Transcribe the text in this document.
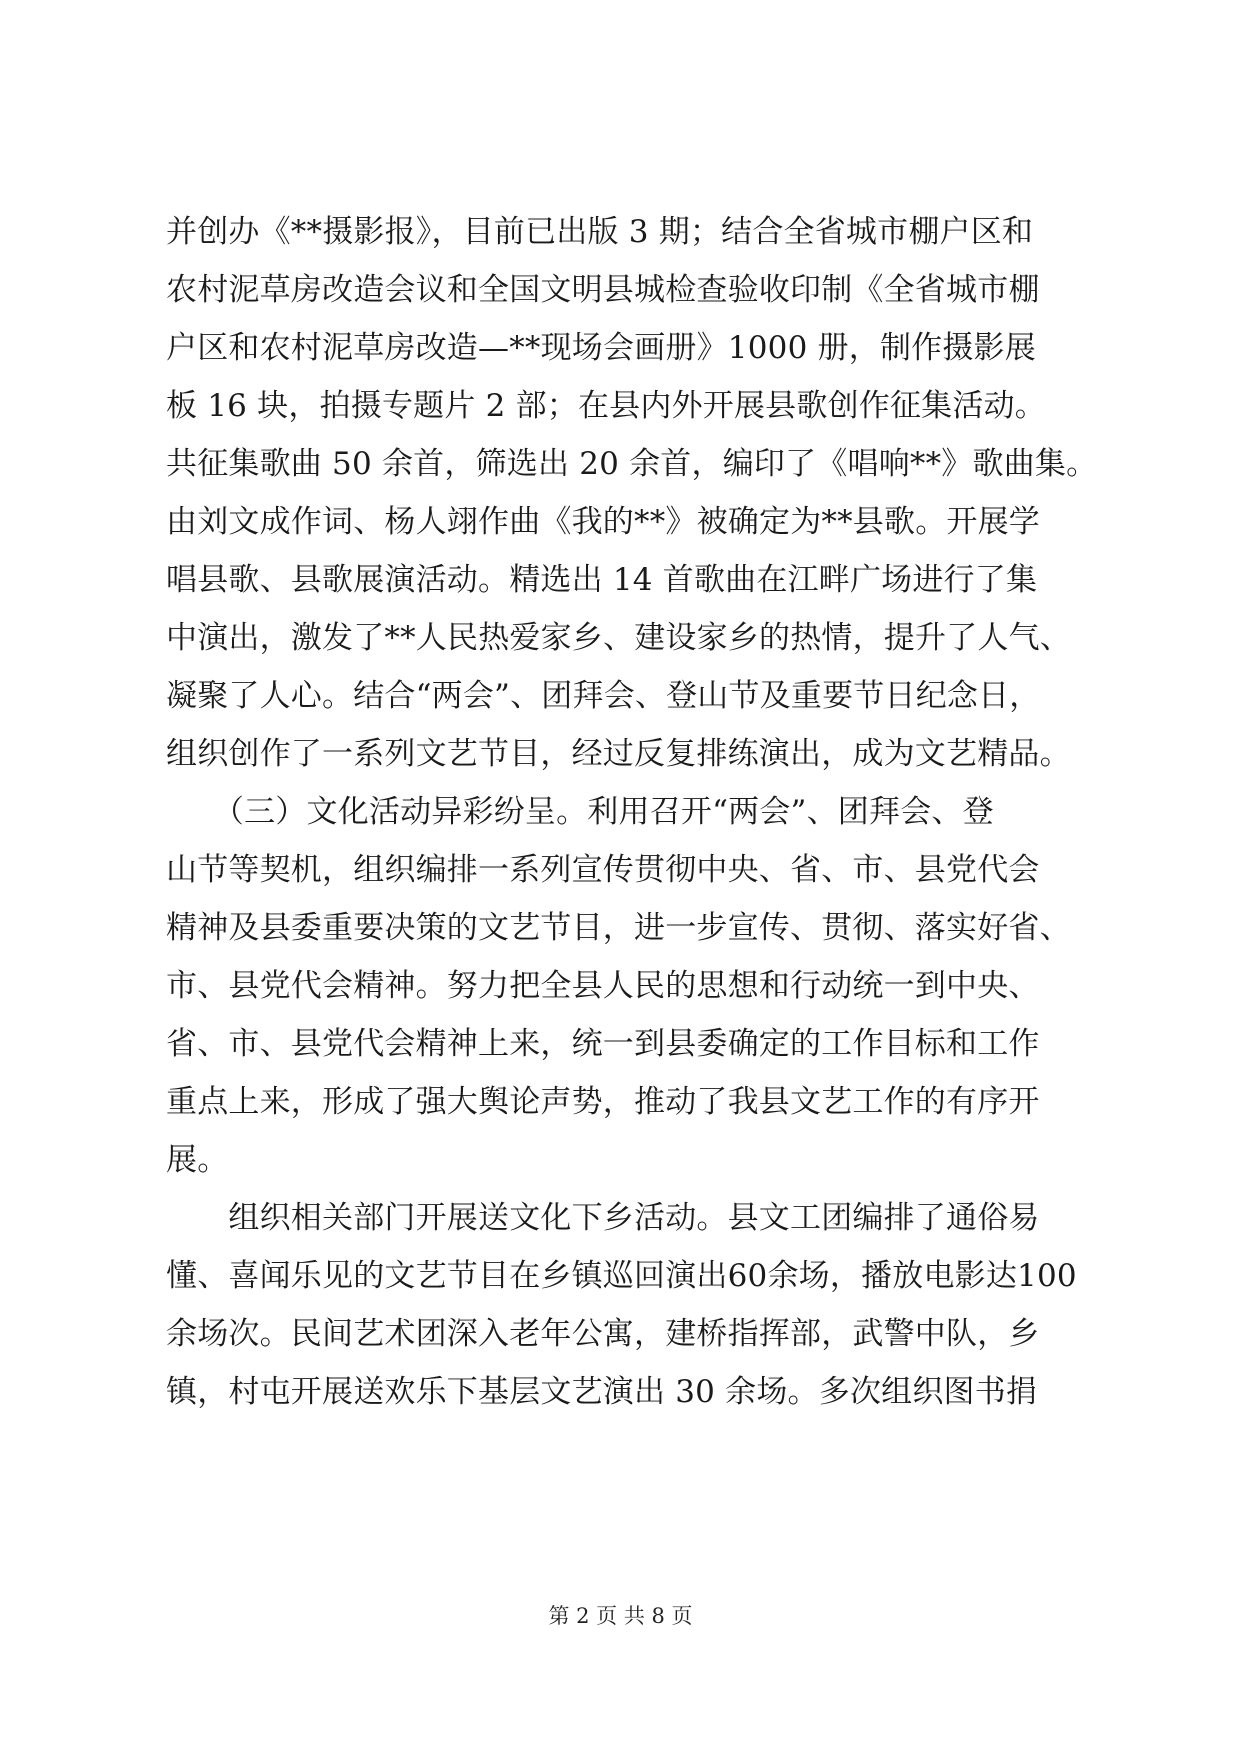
并创办《**摄影报》，目前已出版 3 期；结合全省城市棚户区和
农村泥草房改造会议和全国文明县城检查验收印制《全省城市棚
户区和农村泥草房改造—**现场会画册》1000 册，制作摄影展
板 16 块，拍摄专题片 2 部；在县内外开展县歌创作征集活动。
共征集歌曲 50 余首，筛选出 20 余首，编印了《唱响**》歌曲集。
由刘文成作词、杨人翊作曲《我的**》被确定为**县歌。开展学
唱县歌、县歌展演活动。精选出 14 首歌曲在江畔广场进行了集
中演出，激发了**人民热爱家乡、建设家乡的热情，提升了人气、
凝聚了人心。结合“两会”、团拜会、登山节及重要节日纪念日，
组织创作了一系列文艺节目，经过反复排练演出，成为文艺精品。
　　（三）文化活动异彩纷呈。利用召开“两会”、团拜会、登
山节等契机，组织编排一系列宣传贯彻中央、省、市、县党代会
精神及县委重要决策的文艺节目，进一步宣传、贯彻、落实好省、
市、县党代会精神。努力把全县人民的思想和行动统一到中央、
省、市、县党代会精神上来，统一到县委确定的工作目标和工作
重点上来，形成了强大舆论声势，推动了我县文艺工作的有序开
展。
　　组织相关部门开展送文化下乡活动。县文工团编排了通俗易
懂、喜闻乐见的文艺节目在乡镇巡回演出60余场，播放电影达100
余场次。民间艺术团深入老年公寓，建桥指挥部，武警中队，乡
镇，村屯开展送欢乐下基层文艺演出 30 余场。多次组织图书捐
第 2 页 共 8 页
